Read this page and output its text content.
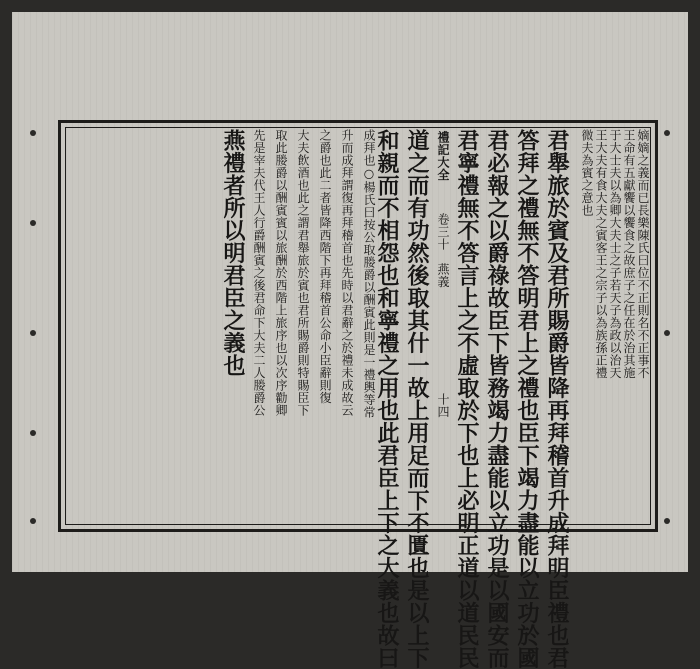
嫡嫡之義而已長樂陳氏曰位不正則名不正事不
王命有五獻饗以饗食之故庶子之任在於治其施
于大士夫以為卿大夫士之子若天子為政以治天
王大夫有食大夫之賓客王之宗子以為族孫正禮
微夫為賓之意也
君舉旅於賓及君所賜爵皆降再拜稽首升成拜明臣禮也君
答拜之禮無不答明君上之禮也臣下竭力盡能以立功於國
君必報之以爵祿故臣下皆務竭力盡能以立功是以國安而
君寧禮無不答言上之不虛取於下也上必明正道以道民民
道之而有功然後取其什一故上用足而下不匱也是以上下
和親而不相怨也和寧禮之用也此君臣上下之大義也故曰
燕禮者所以明君臣之義也	禮記大全
卷三十
燕義
十四
先是宰夫代王人行爵酬賓之後君命下大夫二人媵爵公 取此媵爵以酬賓賓以旅酬於西階上旅序也以次序勸卿 大夫飲酒也此之謂君舉旅於賓也君所賜爵則特賜臣下 之爵也此二者皆降西階下再拜稽首公命小臣辭則復 升而成拜謂復再拜稽首也先時以君辭之於禮未成故云 成拜也○楊氏曰按公取媵爵以酬賓此則是一禮輿等常
